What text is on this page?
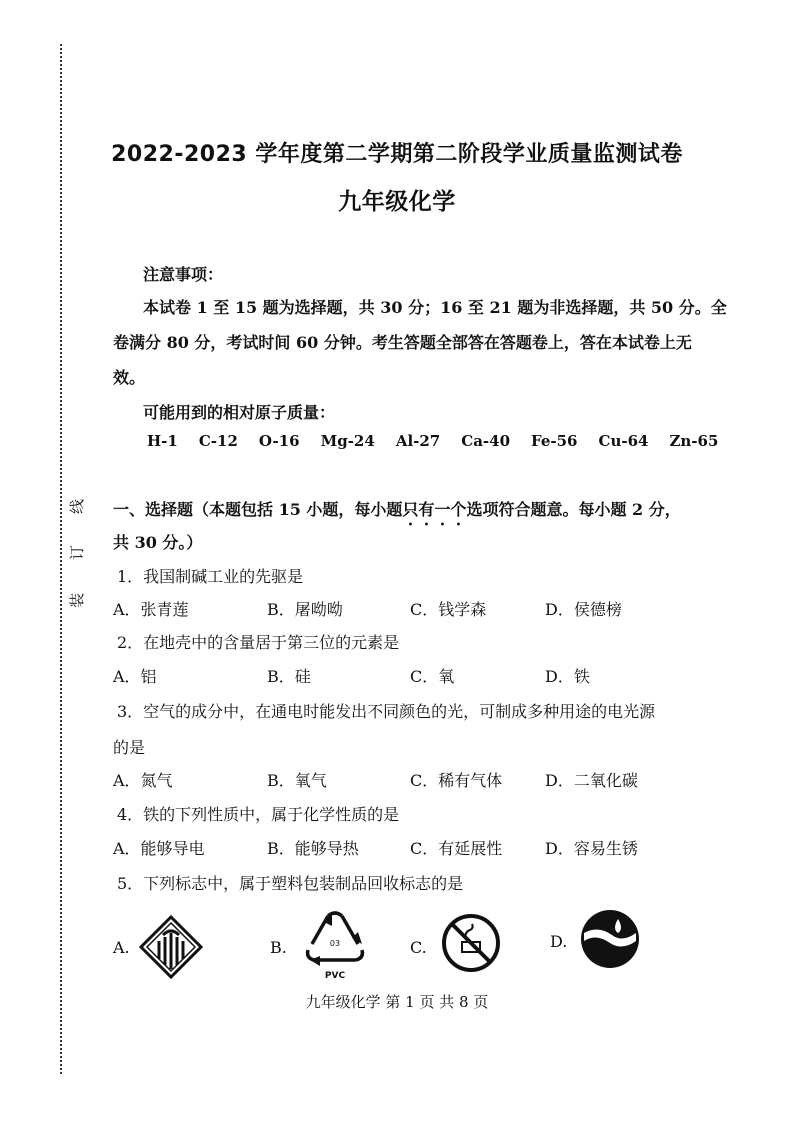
装
订
线
2022-2023 学年度第二学期第二阶段学业质量监测试卷
九年级化学
注意事项：
本试卷 1 至 15 题为选择题，共 30 分；16 至 21 题为非选择题，共 50 分。全
卷满分 80 分，考试时间 60 分钟。考生答题全部答在答题卷上，答在本试卷上无
效。
可能用到的相对原子质量：
H-1 C-12 O-16 Mg-24 Al-27 Ca-40 Fe-56 Cu-64 Zn-65
一、选择题（本题包括 15 小题，每小题只有一个选项符合题意。每小题 2 分，
共 30 分。）
1．我国制碱工业的先驱是
A．张青莲	B．屠呦呦	C．钱学森	D．侯德榜
2．在地壳中的含量居于第三位的元素是
A．铝	B．硅	C．氧	D．铁
3．空气的成分中，在通电时能发出不同颜色的光，可制成多种用途的电光源
的是
A．氮气	B．氧气	C．稀有气体	D．二氧化碳
4．铁的下列性质中，属于化学性质的是
A．能够导电	B．能够导热	C．有延展性	D．容易生锈
5．下列标志中，属于塑料包装制品回收标志的是
A.	B.	C.	D.
03
PVC
九年级化学 第 1 页 共 8 页
